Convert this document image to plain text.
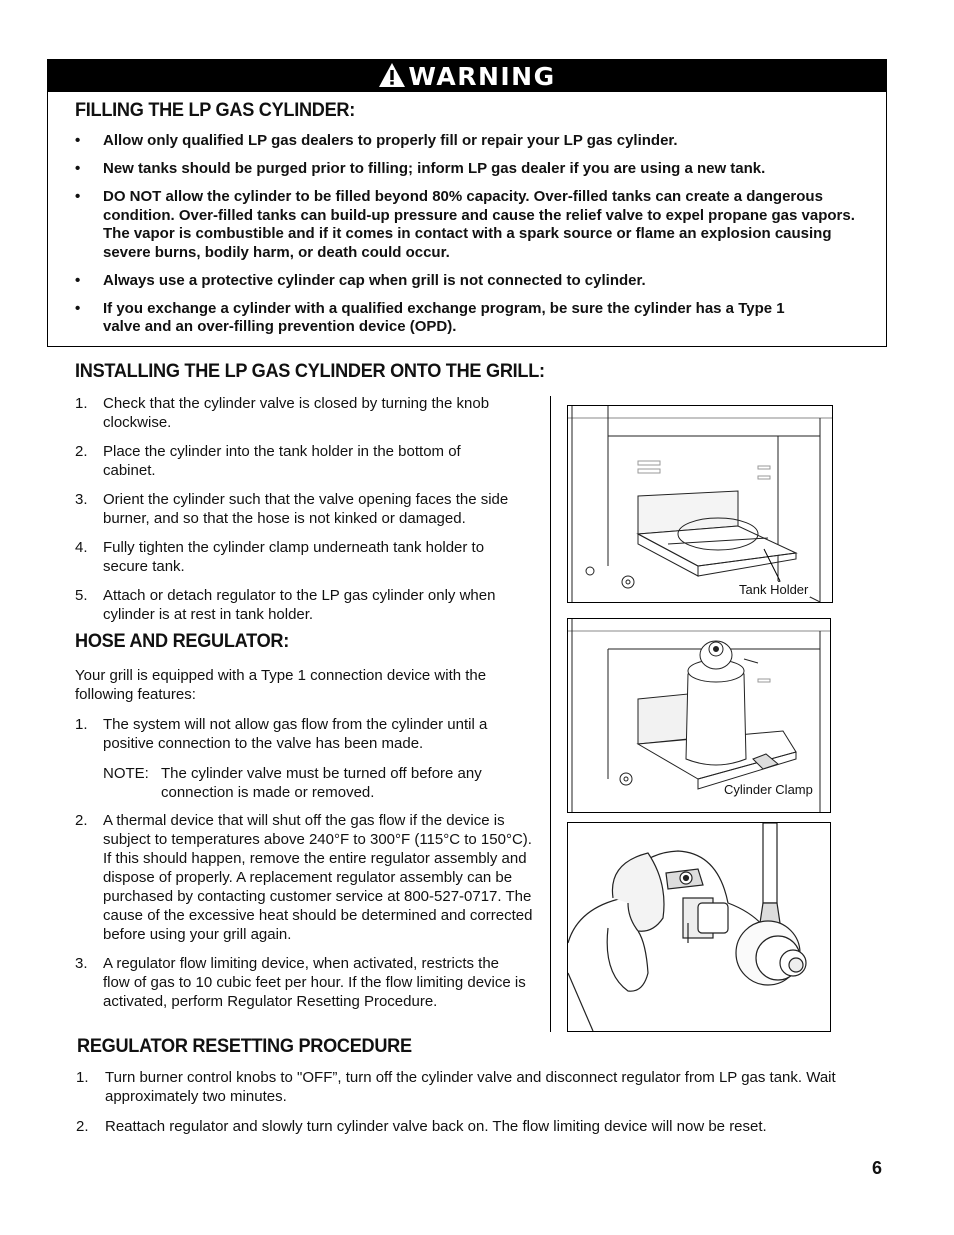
WARNING
FILLING THE LP GAS CYLINDER:
• Allow only qualified LP gas dealers to properly fill or repair your LP gas cylinder.
• New tanks should be purged prior to filling; inform LP gas dealer if you are using a new tank.
• DO NOT allow the cylinder to be filled beyond 80% capacity. Over-filled tanks can create a dangerous condition. Over-filled tanks can build-up pressure and cause the relief valve to expel propane gas vapors. The vapor is combustible and if it comes in contact with a spark source or flame an explosion causing severe burns, bodily harm, or death could occur.
• Always use a protective cylinder cap when grill is not connected to cylinder.
• If you exchange a cylinder with a qualified exchange program, be sure the cylinder has a Type 1 valve and an over-filling prevention device (OPD).
INSTALLING THE LP GAS CYLINDER ONTO THE GRILL:
1. Check that the cylinder valve is closed by turning the knob clockwise.
2. Place the cylinder into the tank holder in the bottom of cabinet.
3. Orient the cylinder such that the valve opening faces the side burner, and so that the hose is not kinked or damaged.
4. Fully tighten the cylinder clamp underneath tank holder to secure tank.
5. Attach or detach regulator to the LP gas cylinder only when cylinder is at rest in tank holder.
HOSE AND REGULATOR:

Your grill is equipped with a Type 1 connection device with the following features:

1. The system will not allow gas flow from the cylinder until a positive connection to the valve has been made.
NOTE: The cylinder valve must be turned off before any connection is made or removed.
2. A thermal device that will shut off the gas flow if the device is subject to temperatures above 240°F to 300°F (115°C to 150°C). If this should happen, remove the entire regulator assembly and dispose of properly. A replacement regulator assembly can be purchased by contacting customer service at 800-527-0717. The cause of the excessive heat should be determined and corrected before using your grill again.
3. A regulator flow limiting device, when activated, restricts the flow of gas to 10 cubic feet per hour. If the flow limiting device is activated, perform Regulator Resetting Procedure.
Tank Holder
Cylinder Clamp
REGULATOR RESETTING PROCEDURE
1. Turn burner control knobs to "OFF”, turn off the cylinder valve and disconnect regulator from LP gas tank. Wait approximately two minutes.
2. Reattach regulator and slowly turn cylinder valve back on. The flow limiting device will now be reset.
6
